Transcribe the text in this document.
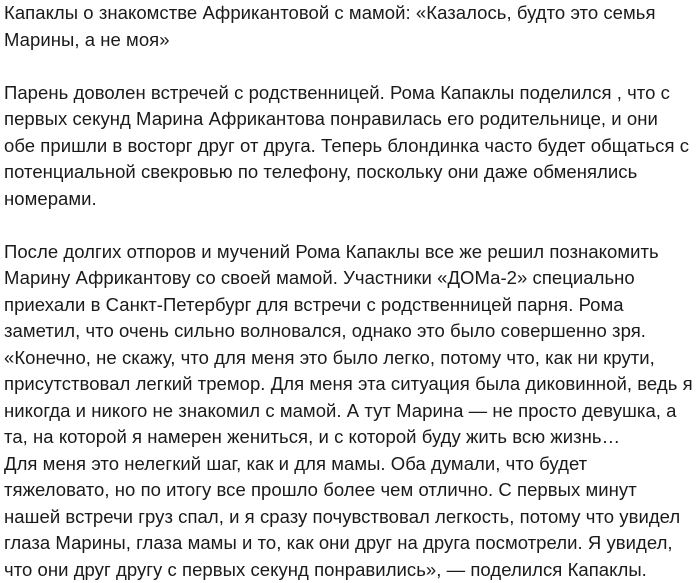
Капаклы о знакомстве Африкантовой с мамой: «Казалось, будто это семья Марины, а не моя»

Парень доволен встречей с родственницей. Рома Капаклы поделился , что с первых секунд Марина Африкантова понравилась его родительнице, и они обе пришли в восторг друг от друга. Теперь блондинка часто будет общаться с потенциальной свекровью по телефону, поскольку они даже обменялись номерами.

После долгих отпоров и мучений Рома Капаклы все же решил познакомить Марину Африкантову со своей мамой. Участники «ДОМа-2» специально приехали в Санкт-Петербург для встречи с родственницей парня. Рома заметил, что очень сильно волновался, однако это было совершенно зря.

«Конечно, не скажу, что для меня это было легко, потому что, как ни крути, присутствовал легкий тремор. Для меня эта ситуация была диковинной, ведь я никогда и никого не знакомил с мамой. А тут Марина — не просто девушка, а та, на которой я намерен жениться, и с которой буду жить всю жизнь…

Для меня это нелегкий шаг, как и для мамы. Оба думали, что будет тяжеловато, но по итогу все прошло более чем отлично. С первых минут нашей встречи груз спал, и я сразу почувствовал легкость, потому что увидел глаза Марины, глаза мамы и то, как они друг на друга посмотрели. Я увидел, что они друг другу с первых секунд понравились», — поделился Капаклы.
